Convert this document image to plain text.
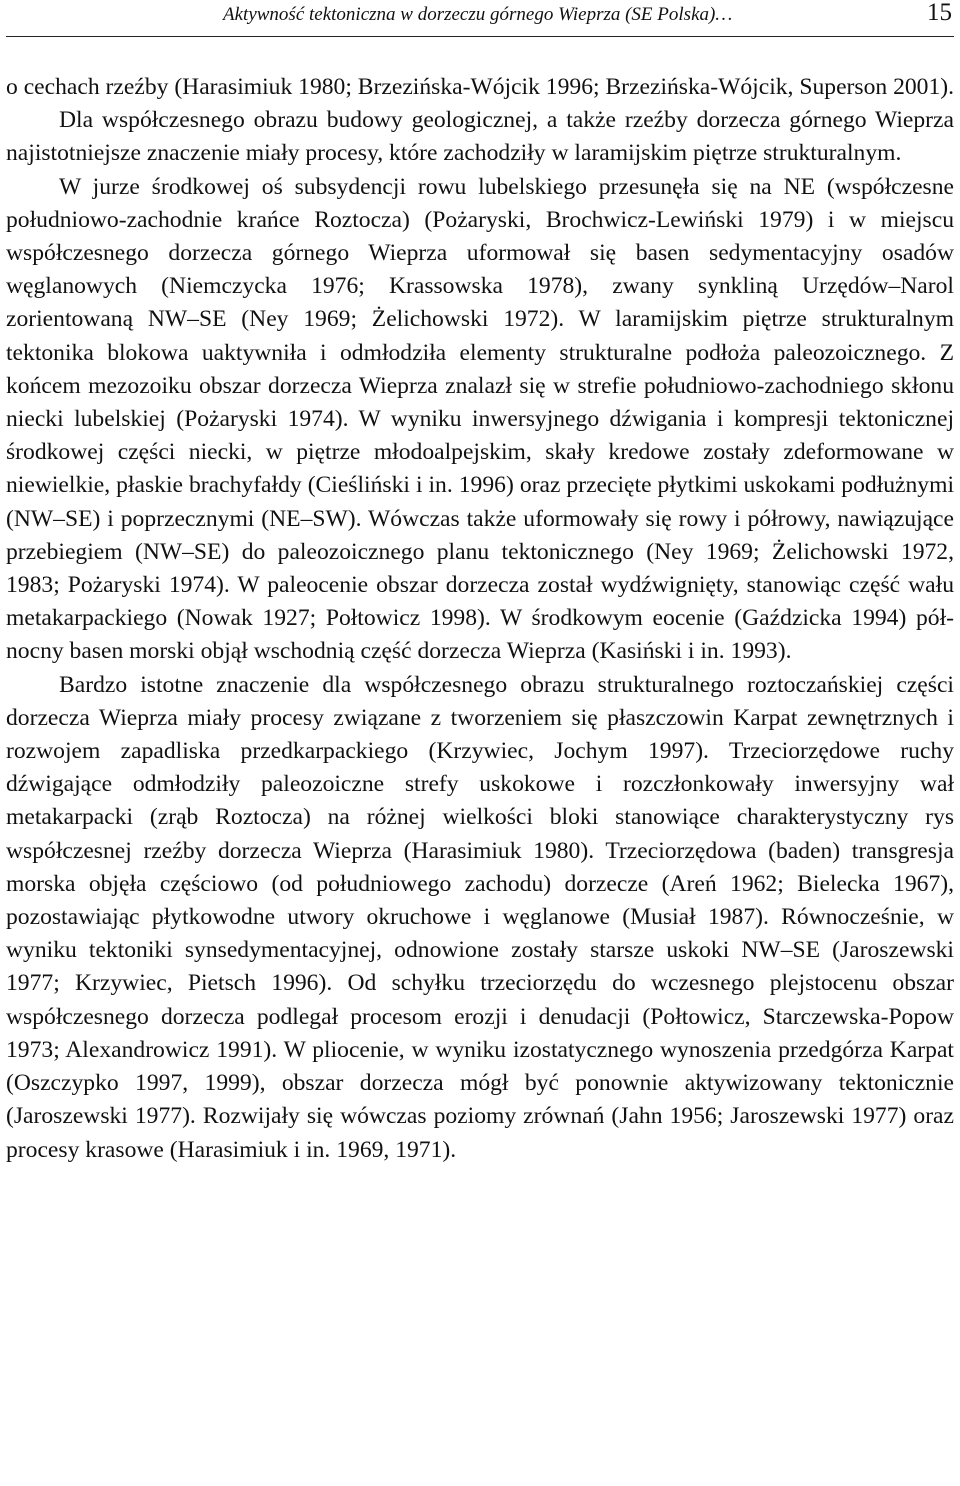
Aktywność tektoniczna w dorzeczu górnego Wieprza (SE Polska)…	15

o cechach rzeźby (Harasimiuk 1980; Brzezińska-Wójcik 1996; Brzezińska-Wójcik, Superson 2001).

Dla współczesnego obrazu budowy geologicznej, a także rzeźby dorzecza górnego Wieprza najistotniejsze znaczenie miały procesy, które zachodziły w laramijskim piętrze strukturalnym.

W jurze środkowej oś subsydencji rowu lubelskiego przesunęła się na NE (współczesne południowo-zachodnie krańce Roztocza) (Pożaryski, Brochwicz-Lewiński 1979) i w miejscu współczesnego dorzecza górnego Wieprza uformował się basen sedymentacyjny osadów węglanowych (Niemczycka 1976; Krassowska 1978), zwany synkliną Urzędów–Narol zorientowaną NW–SE (Ney 1969; Żelichowski 1972). W laramijskim piętrze strukturalnym tektonika blokowa uaktywniła i odmłodziła elementy strukturalne podłoża paleozoicznego. Z końcem mezozoiku obszar dorzecza Wieprza znalazł się w strefie południowo-zachodniego skłonu niecki lubelskiej (Pożaryski 1974). W wyniku inwersyjnego dźwigania i kompresji tektonicznej środkowej części niecki, w piętrze młodoalpejskim, skały kredowe zostały zdeformowane w niewielkie, płaskie brachyfałdy (Cieśliński i in. 1996) oraz przecięte płytkimi uskokami podłużnymi (NW–SE) i poprzecznymi (NE–SW). Wówczas także uformowały się rowy i półrowy, nawiązujące przebiegiem (NW–SE) do paleozoicznego planu tektonicznego (Ney 1969; Żelichowski 1972, 1983; Pożaryski 1974). W paleocenie obszar dorzecza został wydźwignięty, stanowiąc część wału metakarpackiego (Nowak 1927; Połtowicz 1998). W środkowym eocenie (Gaździcka 1994) północny basen morski objął wschodnią część dorzecza Wieprza (Kasiński i in. 1993).

Bardzo istotne znaczenie dla współczesnego obrazu strukturalnego roztoczańskiej części dorzecza Wieprza miały procesy związane z tworzeniem się płaszczowin Karpat zewnętrznych i rozwojem zapadliska przedkarpackiego (Krzywiec, Jochym 1997). Trzeciorzędowe ruchy dźwigające odmłodziły paleozoiczne strefy uskokowe i rozczłonkowały inwersyjny wał metakarpacki (zrąb Roztocza) na różnej wielkości bloki stanowiące charakterystyczny rys współczesnej rzeźby dorzecza Wieprza (Harasimiuk 1980). Trzeciorzędowa (baden) transgresja morska objęła częściowo (od południowego zachodu) dorzecze (Areń 1962; Bielecka 1967), pozostawiając płytkowodne utwory okruchowe i węglanowe (Musiał 1987). Równocześnie, w wyniku tektoniki synsedymentacyjnej, odnowione zostały starsze uskoki NW–SE (Jaroszewski 1977; Krzywiec, Pietsch 1996). Od schyłku trzeciorzędu do wczesnego plejstocenu obszar współczesnego dorzecza podlegał procesom erozji i denudacji (Połtowicz, Starczewska-Popow 1973; Alexandrowicz 1991). W pliocenie, w wyniku izostatycznego wynoszenia przedgórza Karpat (Oszczypko 1997, 1999), obszar dorzecza mógł być ponownie aktywizowany tektonicznie (Jaroszewski 1977). Rozwijały się wówczas poziomy zrównań (Jahn 1956; Jaroszewski 1977) oraz procesy krasowe (Harasimiuk i in. 1969, 1971).
